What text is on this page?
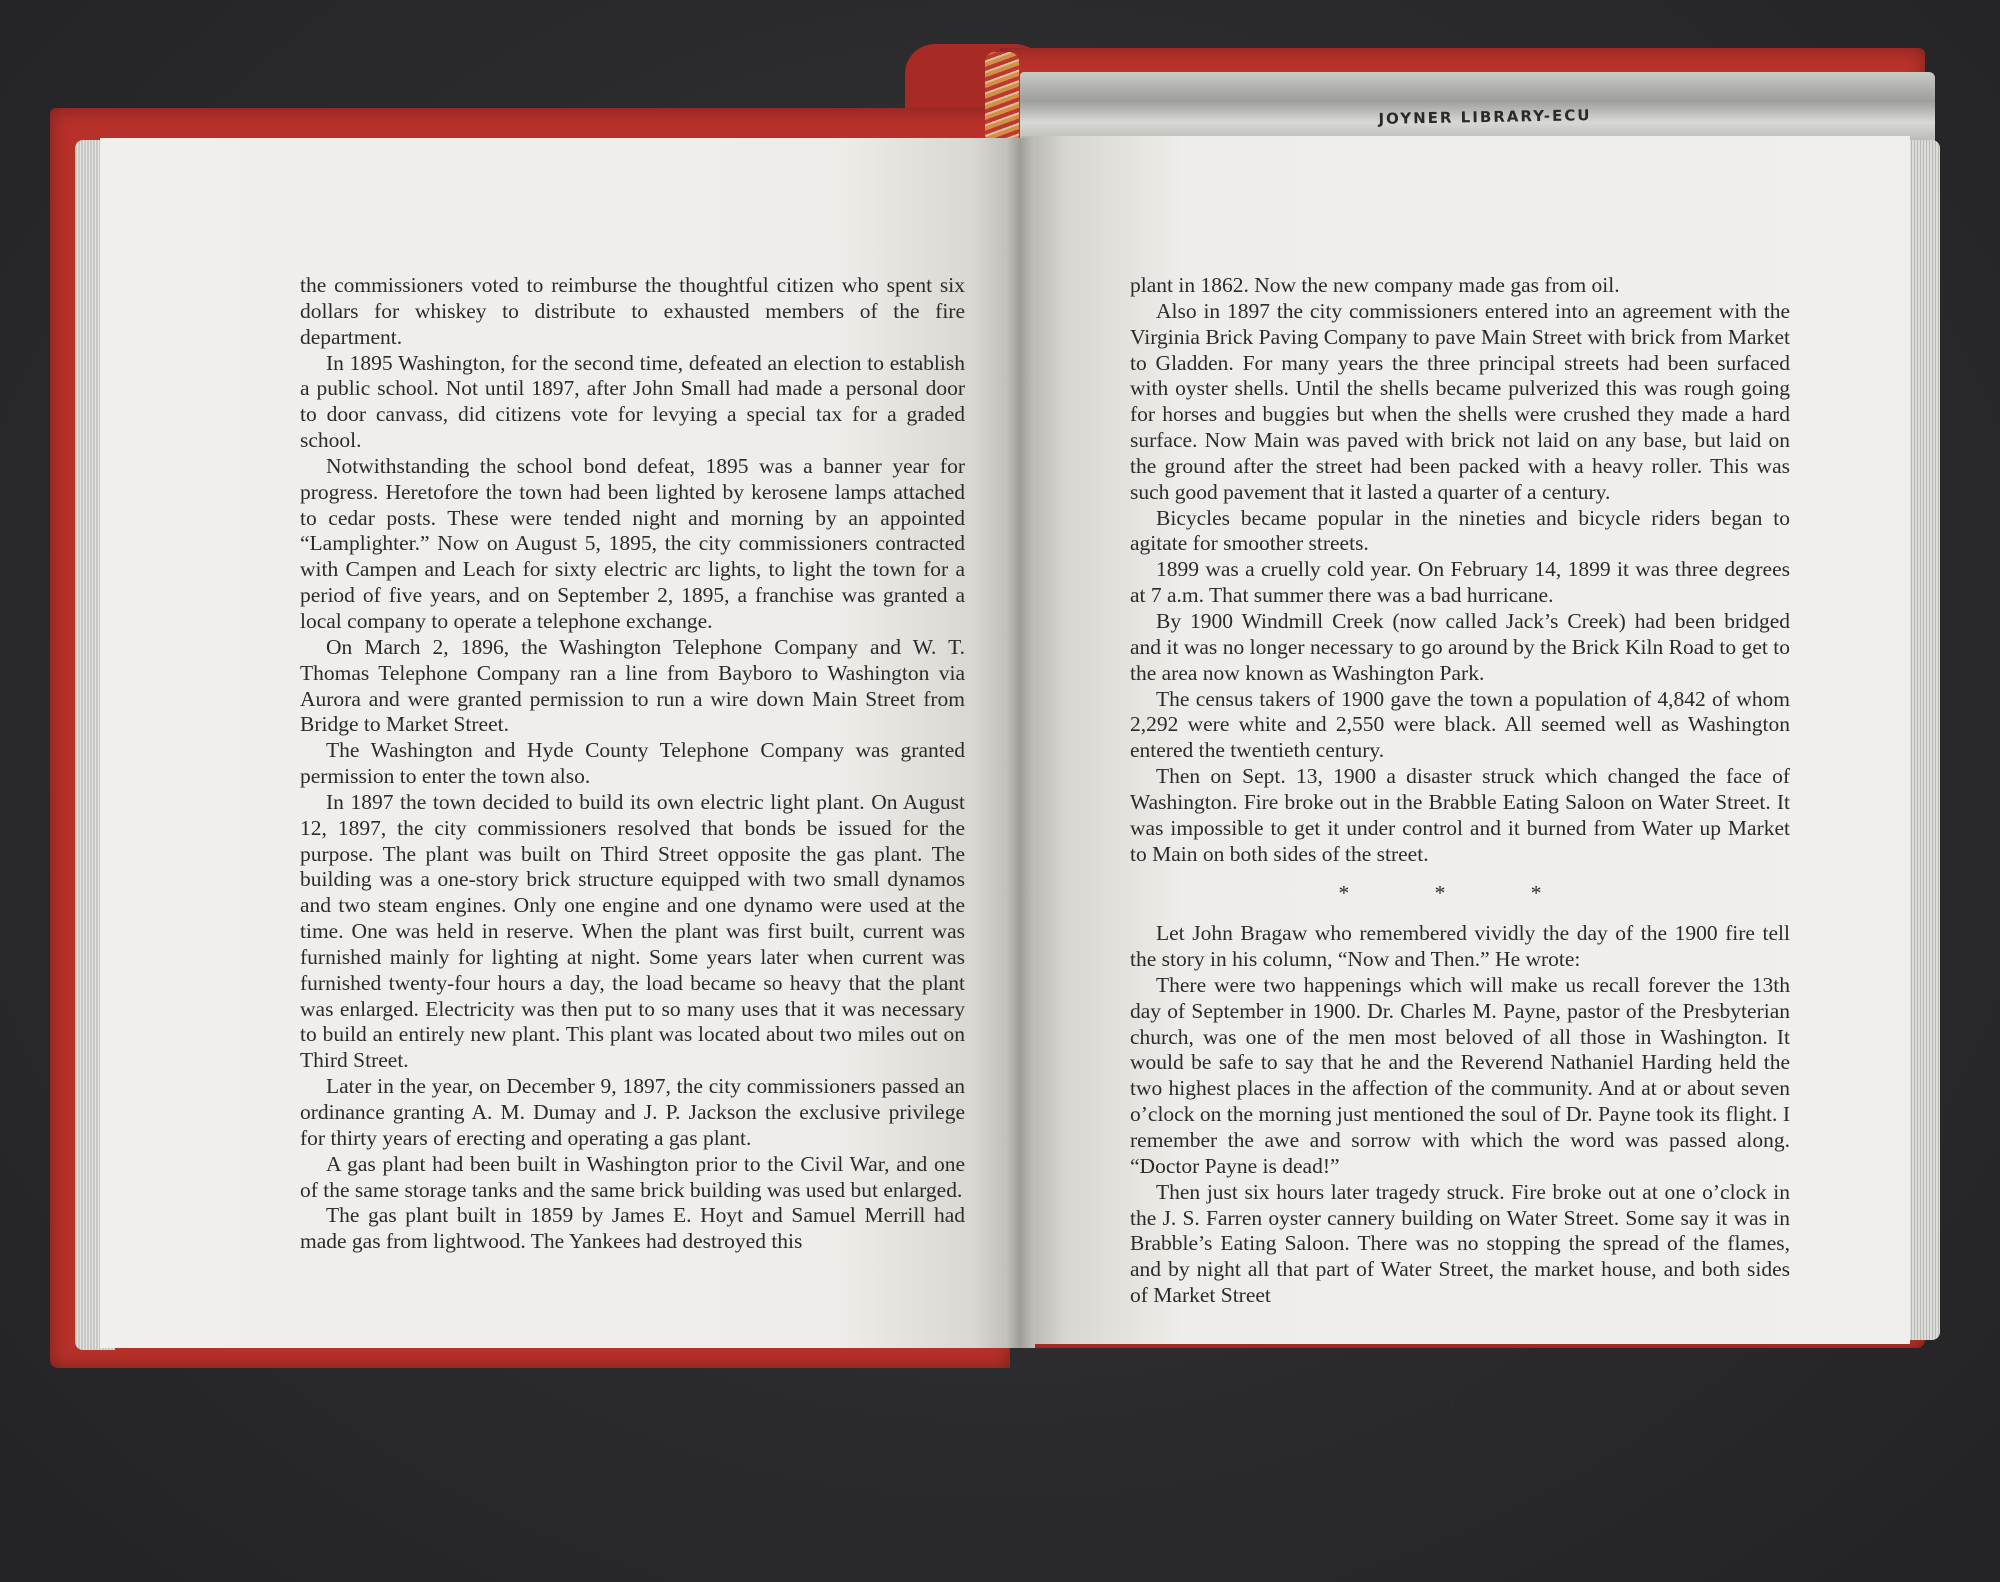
JOYNER LIBRARY-ECU

the commissioners voted to reimburse the thoughtful citizen who spent six dollars for whiskey to distribute to exhausted members of the fire department.

In 1895 Washington, for the second time, defeated an election to establish a public school. Not until 1897, after John Small had made a personal door to door canvass, did citizens vote for levying a special tax for a graded school.

Notwithstanding the school bond defeat, 1895 was a banner year for progress. Heretofore the town had been lighted by kerosene lamps attached to cedar posts. These were tended night and morning by an appointed “Lamplighter.” Now on August 5, 1895, the city commissioners contracted with Campen and Leach for sixty electric arc lights, to light the town for a period of five years, and on September 2, 1895, a franchise was granted a local company to operate a telephone exchange.

On March 2, 1896, the Washington Telephone Company and W. T. Thomas Telephone Company ran a line from Bayboro to Washington via Aurora and were granted permission to run a wire down Main Street from Bridge to Market Street.

The Washington and Hyde County Telephone Company was granted permission to enter the town also.

In 1897 the town decided to build its own electric light plant. On August 12, 1897, the city commissioners resolved that bonds be issued for the purpose. The plant was built on Third Street opposite the gas plant. The building was a one-story brick structure equipped with two small dynamos and two steam engines. Only one engine and one dynamo were used at the time. One was held in reserve. When the plant was first built, current was furnished mainly for lighting at night. Some years later when current was furnished twenty-four hours a day, the load became so heavy that the plant was enlarged. Electricity was then put to so many uses that it was necessary to build an entirely new plant. This plant was located about two miles out on Third Street.

Later in the year, on December 9, 1897, the city commissioners passed an ordinance granting A. M. Dumay and J. P. Jackson the exclusive privilege for thirty years of erecting and operating a gas plant.

A gas plant had been built in Washington prior to the Civil War, and one of the same storage tanks and the same brick building was used but enlarged.

The gas plant built in 1859 by James E. Hoyt and Samuel Merrill had made gas from lightwood. The Yankees had destroyed this

70

plant in 1862. Now the new company made gas from oil.

Also in 1897 the city commissioners entered into an agreement with the Virginia Brick Paving Company to pave Main Street with brick from Market to Gladden. For many years the three principal streets had been surfaced with oyster shells. Until the shells became pulverized this was rough going for horses and buggies but when the shells were crushed they made a hard surface. Now Main was paved with brick not laid on any base, but laid on the ground after the street had been packed with a heavy roller. This was such good pavement that it lasted a quarter of a century.

Bicycles became popular in the nineties and bicycle riders began to agitate for smoother streets.

1899 was a cruelly cold year. On February 14, 1899 it was three degrees at 7 a.m. That summer there was a bad hurricane.

By 1900 Windmill Creek (now called Jack’s Creek) had been bridged and it was no longer necessary to go around by the Brick Kiln Road to get to the area now known as Washington Park.

The census takers of 1900 gave the town a population of 4,842 of whom 2,292 were white and 2,550 were black. All seemed well as Washington entered the twentieth century.

Then on Sept. 13, 1900 a disaster struck which changed the face of Washington. Fire broke out in the Brabble Eating Saloon on Water Street. It was impossible to get it under control and it burned from Water up Market to Main on both sides of the street.

* * *

Let John Bragaw who remembered vividly the day of the 1900 fire tell the story in his column, “Now and Then.” He wrote:

There were two happenings which will make us recall forever the 13th day of September in 1900. Dr. Charles M. Payne, pastor of the Presbyterian church, was one of the men most beloved of all those in Washington. It would be safe to say that he and the Reverend Nathaniel Harding held the two highest places in the affection of the community. And at or about seven o’clock on the morning just mentioned the soul of Dr. Payne took its flight. I remember the awe and sorrow with which the word was passed along. “Doctor Payne is dead!”

Then just six hours later tragedy struck. Fire broke out at one o’clock in the J. S. Farren oyster cannery building on Water Street. Some say it was in Brabble’s Eating Saloon. There was no stopping the spread of the flames, and by night all that part of Water Street, the market house, and both sides of Market Street

71
